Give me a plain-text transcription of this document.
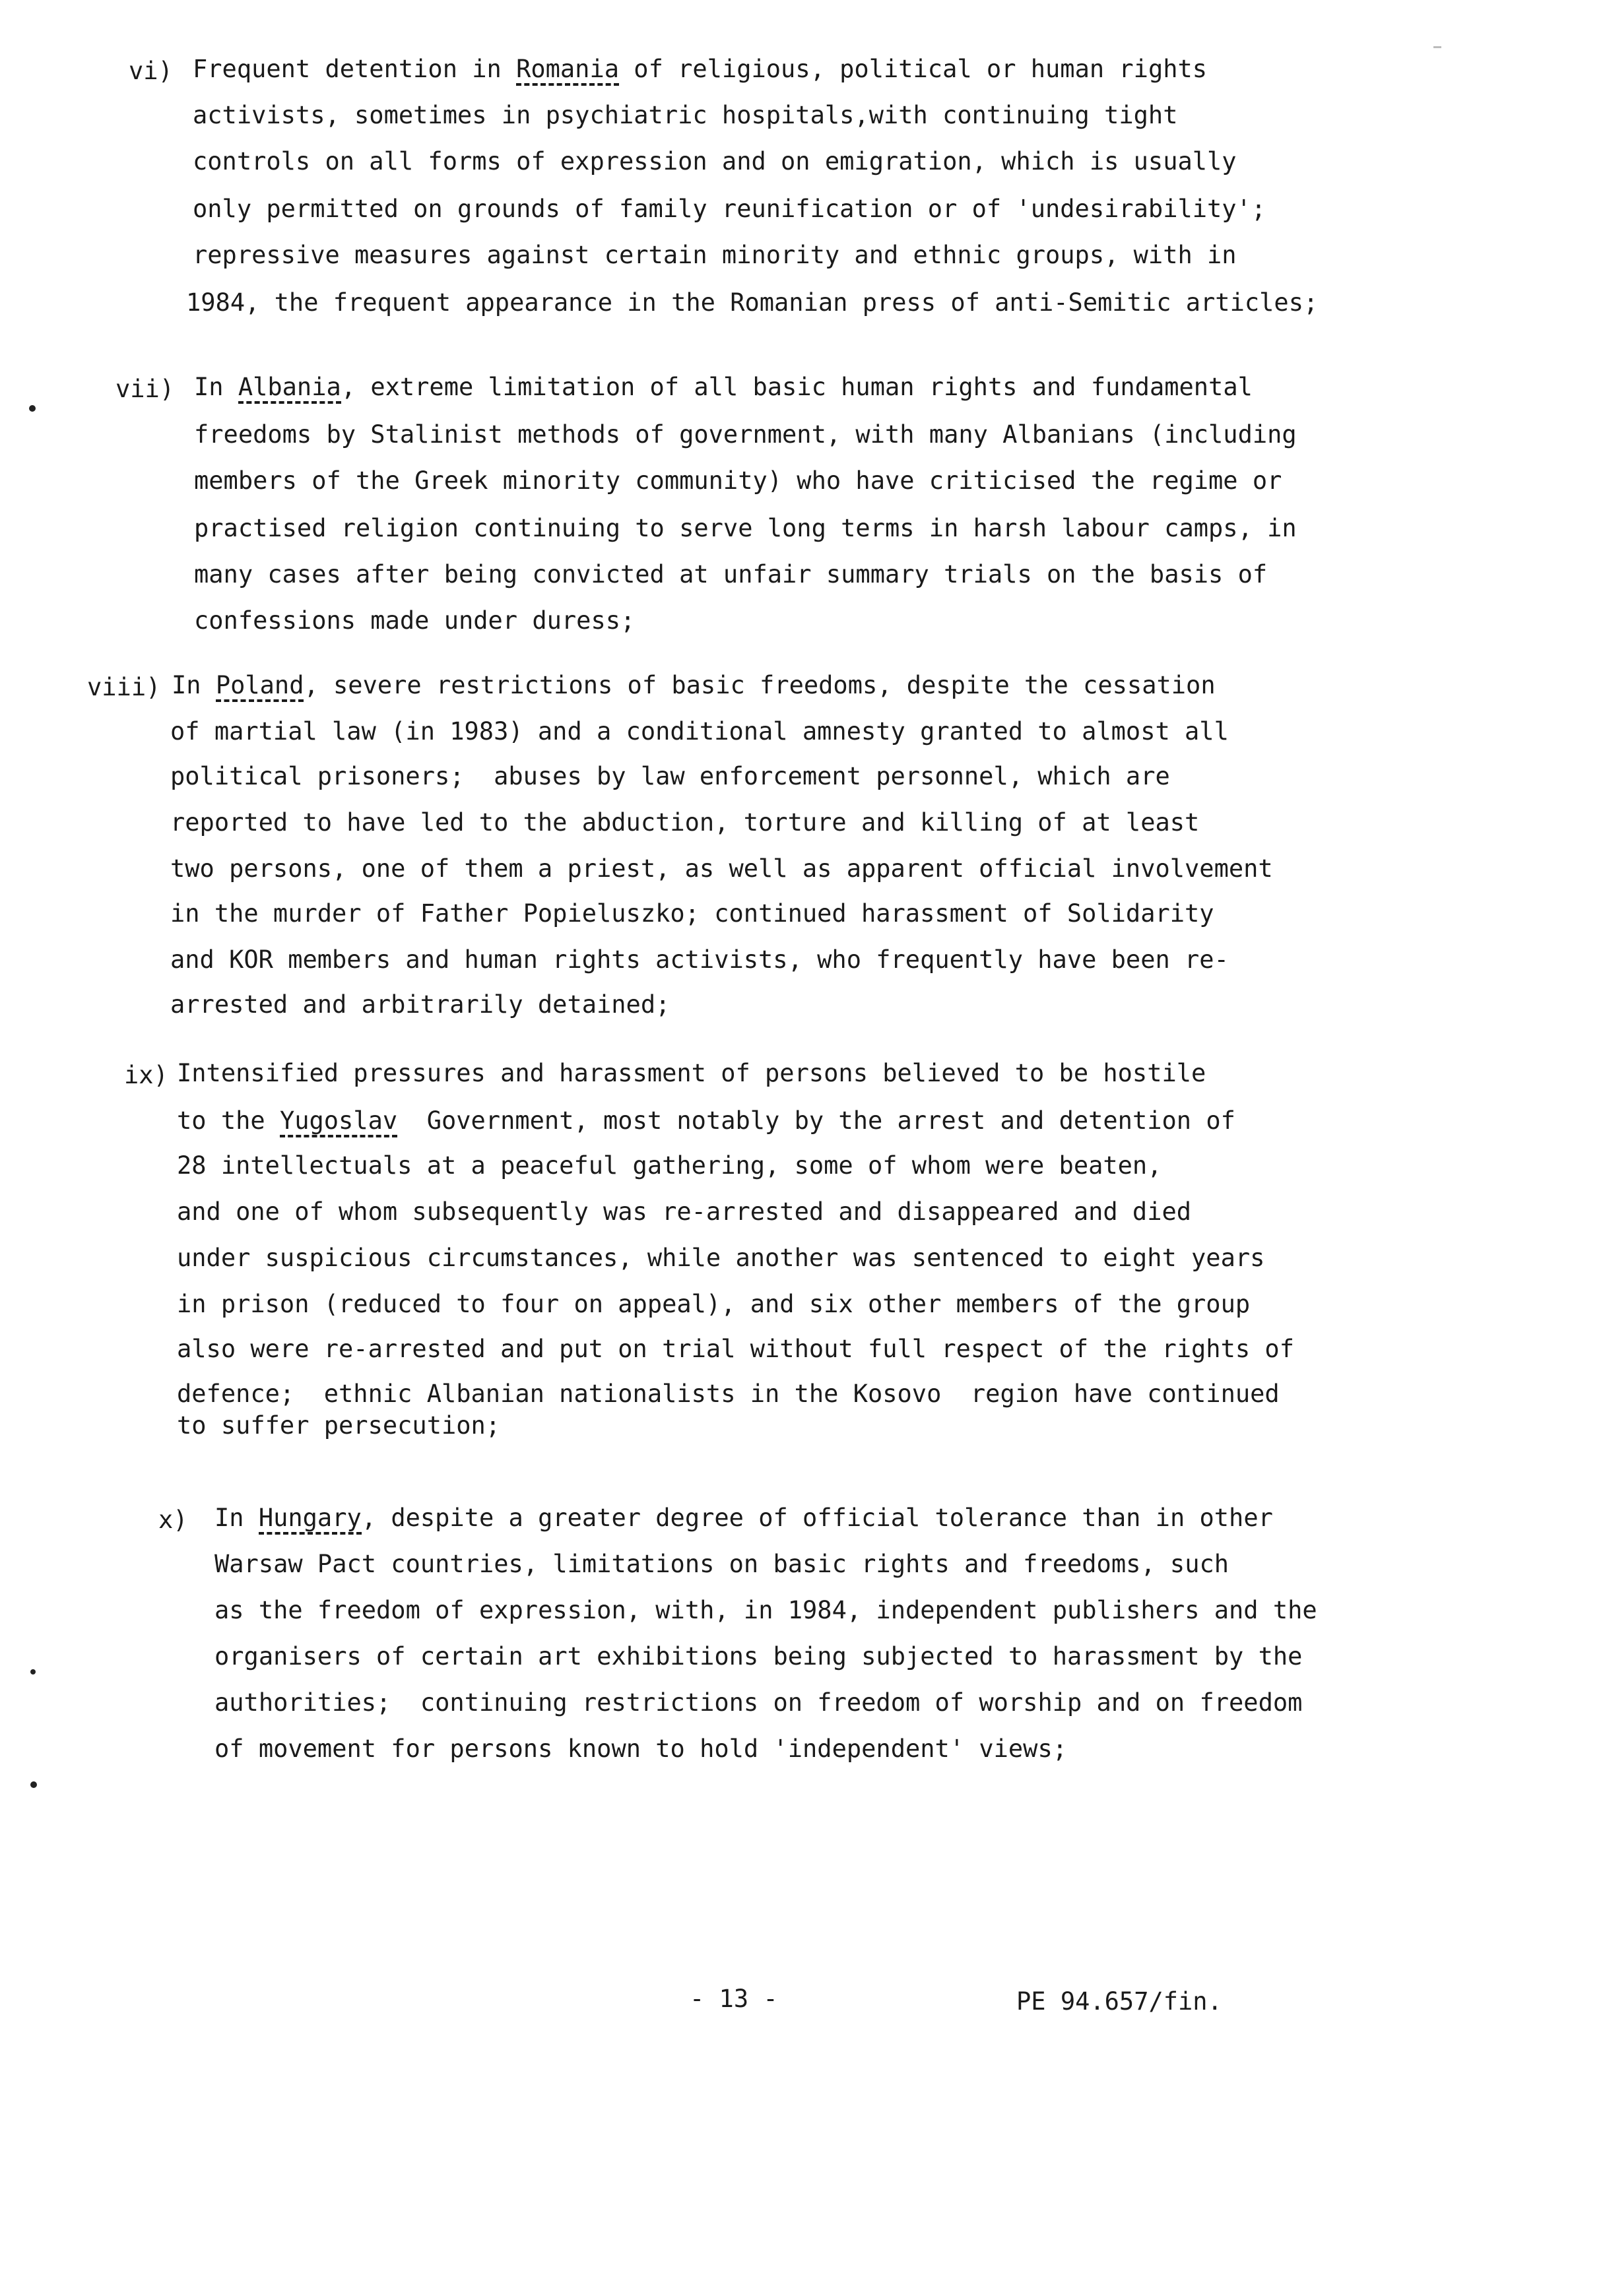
vi) Frequent detention in Romania of religious, political or human rights
activists, sometimes in psychiatric hospitals,with continuing tight
controls on all forms of expression and on emigration, which is usually
only permitted on grounds of family reunification or of 'undesirability';
repressive measures against certain minority and ethnic groups, with in
1984, the frequent appearance in the Romanian press of anti-Semitic articles;
vii) In Albania, extreme limitation of all basic human rights and fundamental
freedoms by Stalinist methods of government, with many Albanians (including
members of the Greek minority community) who have criticised the regime or
practised religion continuing to serve long terms in harsh labour camps, in
many cases after being convicted at unfair summary trials on the basis of
confessions made under duress;
viii) In Poland, severe restrictions of basic freedoms, despite the cessation
of martial law (in 1983) and a conditional amnesty granted to almost all
political prisoners;  abuses by law enforcement personnel, which are
reported to have led to the abduction, torture and killing of at least
two persons, one of them a priest, as well as apparent official involvement
in the murder of Father Popieluszko; continued harassment of Solidarity
and KOR members and human rights activists, who frequently have been re-
arrested and arbitrarily detained;
ix) Intensified pressures and harassment of persons believed to be hostile
to the Yugoslav  Government, most notably by the arrest and detention of
28 intellectuals at a peaceful gathering, some of whom were beaten,
and one of whom subsequently was re-arrested and disappeared and died
under suspicious circumstances, while another was sentenced to eight years
in prison (reduced to four on appeal), and six other members of the group
also were re-arrested and put on trial without full respect of the rights of
defence;  ethnic Albanian nationalists in the Kosovo  region have continued
to suffer persecution;
x) In Hungary, despite a greater degree of official tolerance than in other
Warsaw Pact countries, limitations on basic rights and freedoms, such
as the freedom of expression, with, in 1984, independent publishers and the
organisers of certain art exhibitions being subjected to harassment by the
authorities;  continuing restrictions on freedom of worship and on freedom
of movement for persons known to hold 'independent' views;
- 13 -	PE 94.657/fin.
